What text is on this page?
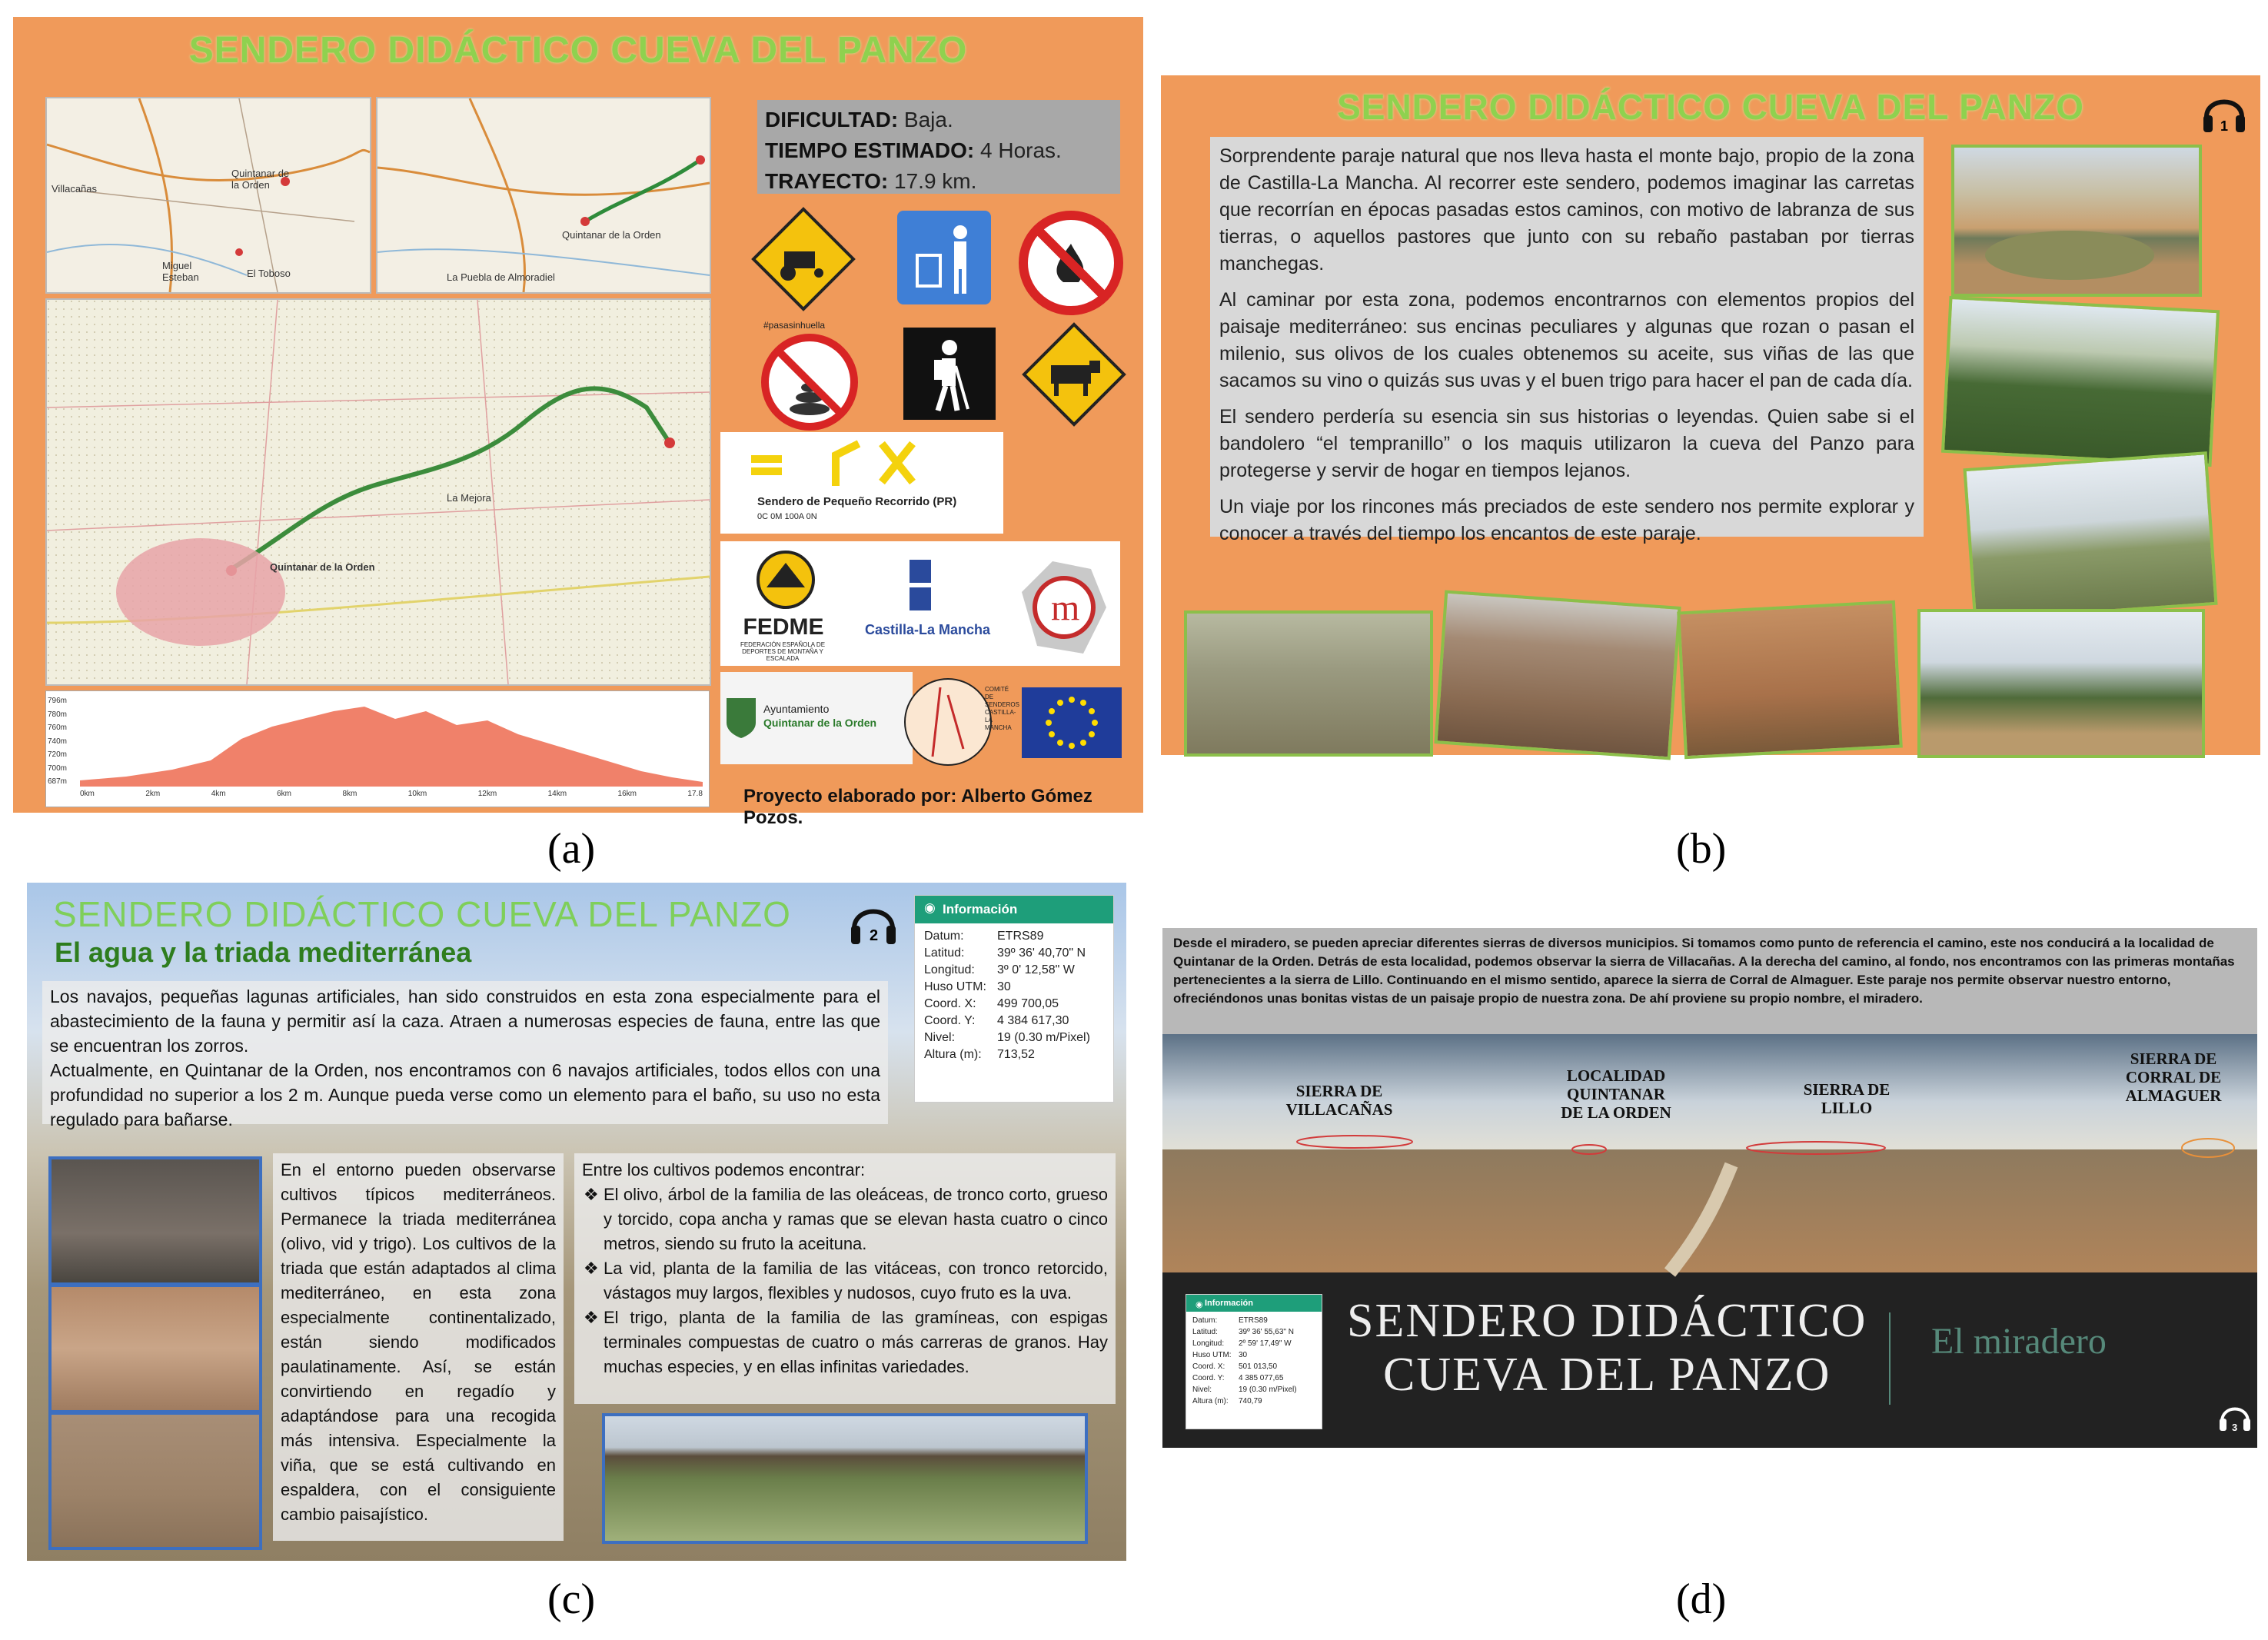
SENDERO DIDÁCTICO CUEVA DEL PANZO
Villacañas
Quintanar de la Orden
Miguel Esteban	El Toboso
Quintanar de la Orden
La Puebla de Almoradiel
Quintanar de la Orden
La Mejora
DIFICULTAD: Baja.
TIEMPO ESTIMADO: 4 Horas.
TRAYECTO: 17.9 km.
#pasasinhuella
Sendero de Pequeño Recorrido (PR)
0C 0M 100A 0N
FEDME
FEDERACIÓN ESPAÑOLA DE DEPORTES DE MONTAÑA Y ESCALADA
Castilla-La Mancha
m
Ayuntamiento
Quintanar de la Orden
COMITÉ DE SENDEROS CASTILLA-LA MANCHA
796m
780m
760m
740m
720m
700m
687m
0km	2km	4km	6km	8km	10km	12km	14km	16km	17.8 Proyecto elaborado por: Alberto Gómez Pozos.
(a)
SENDERO DIDÁCTICO CUEVA DEL PANZO	1

Sorprendente paraje natural que nos lleva hasta el monte bajo, propio de la zona de Castilla-La Mancha. Al recorrer este sendero, podemos imaginar las carretas que recorrían en épocas pasadas estos caminos, con motivo de labranza de sus tierras, o aquellos pastores que junto con su rebaño pastaban por tierras manchegas.

Al caminar por esta zona, podemos encontrarnos con elementos propios del paisaje mediterráneo: sus encinas peculiares y algunas que rozan o pasan el milenio, sus olivos de los cuales obtenemos su aceite, sus viñas de las que sacamos su vino o quizás sus uvas y el buen trigo para hacer el pan de cada día.

El sendero perdería su esencia sin sus historias o leyendas. Quien sabe si el bandolero “el tempranillo” o los maquis utilizaron la cueva del Panzo para protegerse y servir de hogar en tiempos lejanos.

Un viaje por los rincones más preciados de este sendero nos permite explorar y conocer a través del tiempo los encantos de este paraje.

(b)
SENDERO DIDÁCTICO CUEVA DEL PANZO
El agua y la triada mediterránea
2
◉ Información
Datum:	ETRS89
Latitud:	39º 36' 40,70" N
Longitud:	3º 0' 12,58" W
Huso UTM: 30
Coord. X:	499 700,05
Coord. Y:	4 384 617,30
Nivel:	19 (0.30 m/Pixel)
Altura (m):	713,52

Los navajos, pequeñas lagunas artificiales, han sido construidos en esta zona especialmente para el abastecimiento de la fauna y permitir así la caza. Atraen a numerosas especies de fauna, entre las que se encuentran los zorros.

Actualmente, en Quintanar de la Orden, nos encontramos con 6 navajos artificiales, todos ellos con una profundidad no superior a los 2 m. Aunque pueda verse como un elemento para el baño, su uso no esta regulado para bañarse.

En el entorno pueden observarse cultivos típicos mediterráneos. Permanece la triada mediterránea (olivo, vid y trigo). Los cultivos de la triada que están adaptados al clima mediterráneo, en esta zona especialmente continentalizado, están siendo modificados paulatinamente. Así, se están convirtiendo en regadío y adaptándose para una recogida más intensiva. Especialmente la viña, que se está cultivando en espaldera, con el consiguiente cambio paisajístico.

Entre los cultivos podemos encontrar:

❖ El olivo, árbol de la familia de las oleáceas, de tronco corto, grueso y torcido, copa ancha y ramas que se elevan hasta cuatro o cinco metros, siendo su fruto la aceituna.
❖ La vid, planta de la familia de las vitáceas, con tronco retorcido, vástagos muy largos, flexibles y nudosos, cuyo fruto es la uva.
❖ El trigo, planta de la familia de las gramíneas, con espigas terminales compuestas de cuatro o más carreras de granos. Hay muchas especies, y en ellas infinitas variedades.
(c)

Desde el miradero, se pueden apreciar diferentes sierras de diversos municipios. Si tomamos como punto de referencia el camino, este nos conducirá a la localidad de Quintanar de la Orden. Detrás de esta localidad, podemos observar la sierra de Villacañas. A la derecha del camino, al fondo, nos encontramos con las primeras montañas pertenecientes a la sierra de Lillo. Continuando en el mismo sentido, aparece la sierra de Corral de Almaguer. Este paraje nos permite observar nuestro entorno, ofreciéndonos unas bonitas vistas de un paisaje propio de nuestra zona. De ahí proviene su propio nombre, el miradero.

SIERRA DE
VILLACAÑAS
LOCALIDAD
QUINTANAR
DE LA ORDEN
SIERRA DE
LILLO
SIERRA DE
CORRAL DE
ALMAGUER
◉ Información
Datum:	ETRS89
Latitud:	39º 36' 55,63" N
Longitud:	2º 59' 17,49" W
Huso UTM: 30
Coord. X:	501 013,50
Coord. Y:	4 385 077,65
Nivel:	19 (0.30 m/Pixel)
Altura (m):	740,79
SENDERO DIDÁCTICO
CUEVA DEL PANZO
El miradero
3
(d)
